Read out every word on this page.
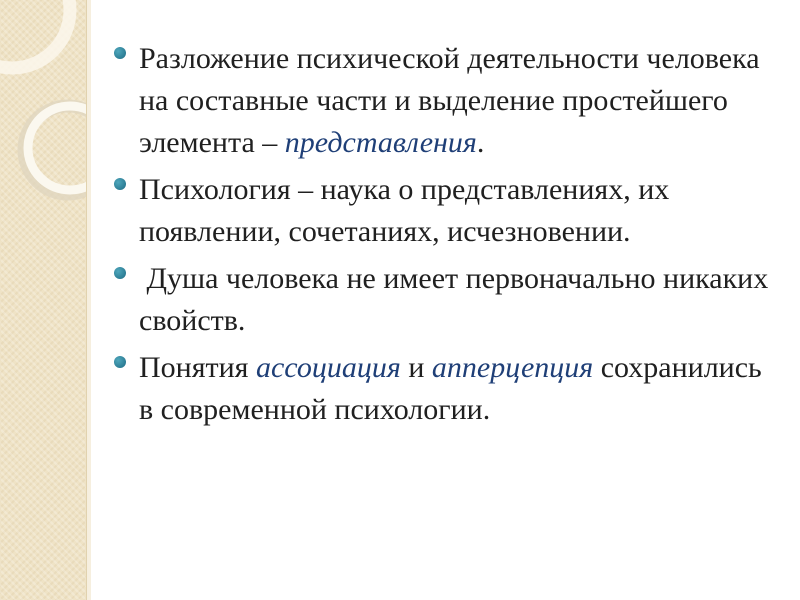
Разложение психической деятельности человека на составные части и выделение простейшего элемента – представления.
Психология – наука о представлениях, их появлении, сочетаниях, исчезновении.
Душа человека не имеет первоначально никаких свойств.
Понятия ассоциация и апперцепция сохранились в современной психологии.
